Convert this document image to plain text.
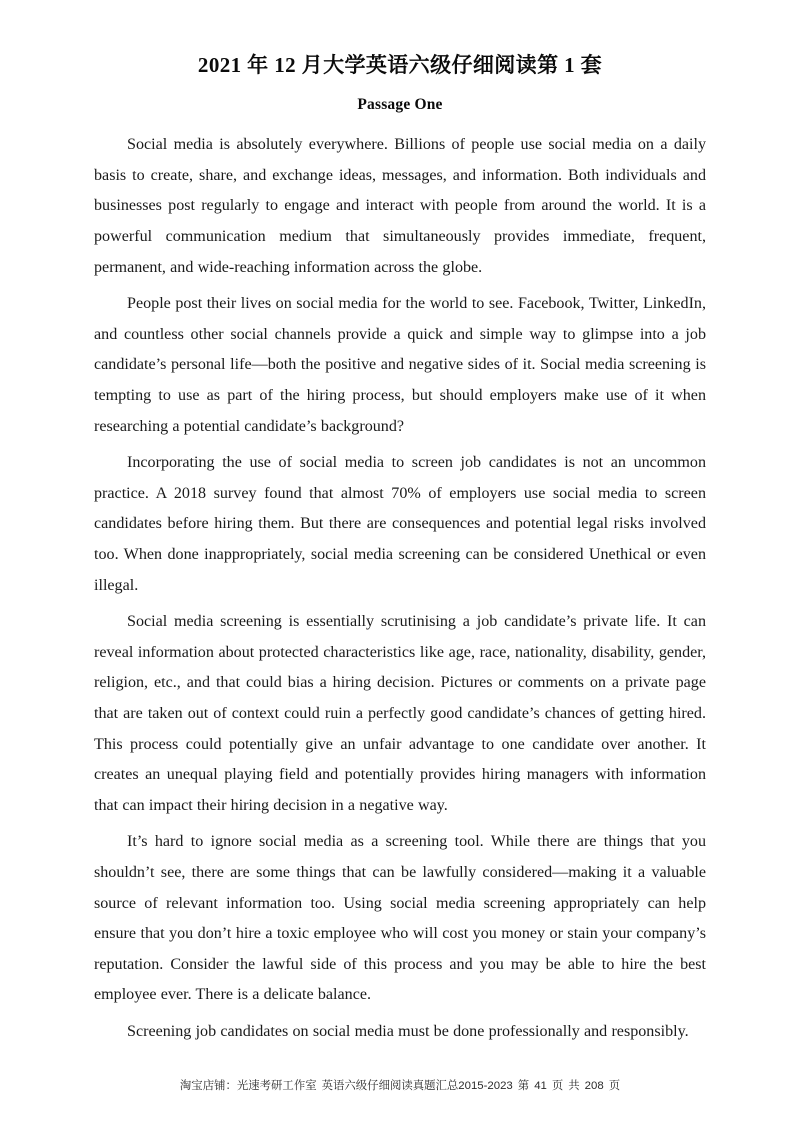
2021 年 12 月大学英语六级仔细阅读第 1 套
Passage One

Social media is absolutely everywhere. Billions of people use social media on a daily basis to create, share, and exchange ideas, messages, and information. Both individuals and businesses post regularly to engage and interact with people from around the world. It is a powerful communication medium that simultaneously provides immediate, frequent, permanent, and wide-reaching information across the globe.

People post their lives on social media for the world to see. Facebook, Twitter, LinkedIn, and countless other social channels provide a quick and simple way to glimpse into a job candidate’s personal life—both the positive and negative sides of it. Social media screening is tempting to use as part of the hiring process, but should employers make use of it when researching a potential candidate’s background?

Incorporating the use of social media to screen job candidates is not an uncommon practice. A 2018 survey found that almost 70% of employers use social media to screen candidates before hiring them. But there are consequences and potential legal risks involved too. When done inappropriately, social media screening can be considered Unethical or even illegal.

Social media screening is essentially scrutinising a job candidate’s private life. It can reveal information about protected characteristics like age, race, nationality, disability, gender, religion, etc., and that could bias a hiring decision. Pictures or comments on a private page that are taken out of context could ruin a perfectly good candidate’s chances of getting hired. This process could potentially give an unfair advantage to one candidate over another. It creates an unequal playing field and potentially provides hiring managers with information that can impact their hiring decision in a negative way.

It’s hard to ignore social media as a screening tool. While there are things that you shouldn’t see, there are some things that can be lawfully considered—making it a valuable source of relevant information too. Using social media screening appropriately can help ensure that you don’t hire a toxic employee who will cost you money or stain your company’s reputation. Consider the lawful side of this process and you may be able to hire the best employee ever. There is a delicate balance.

Screening job candidates on social media must be done professionally and responsibly.

淘宝店铺：光速考研工作室 英语六级仔细阅读真题汇总2015-2023 第 41 页 共 208 页
